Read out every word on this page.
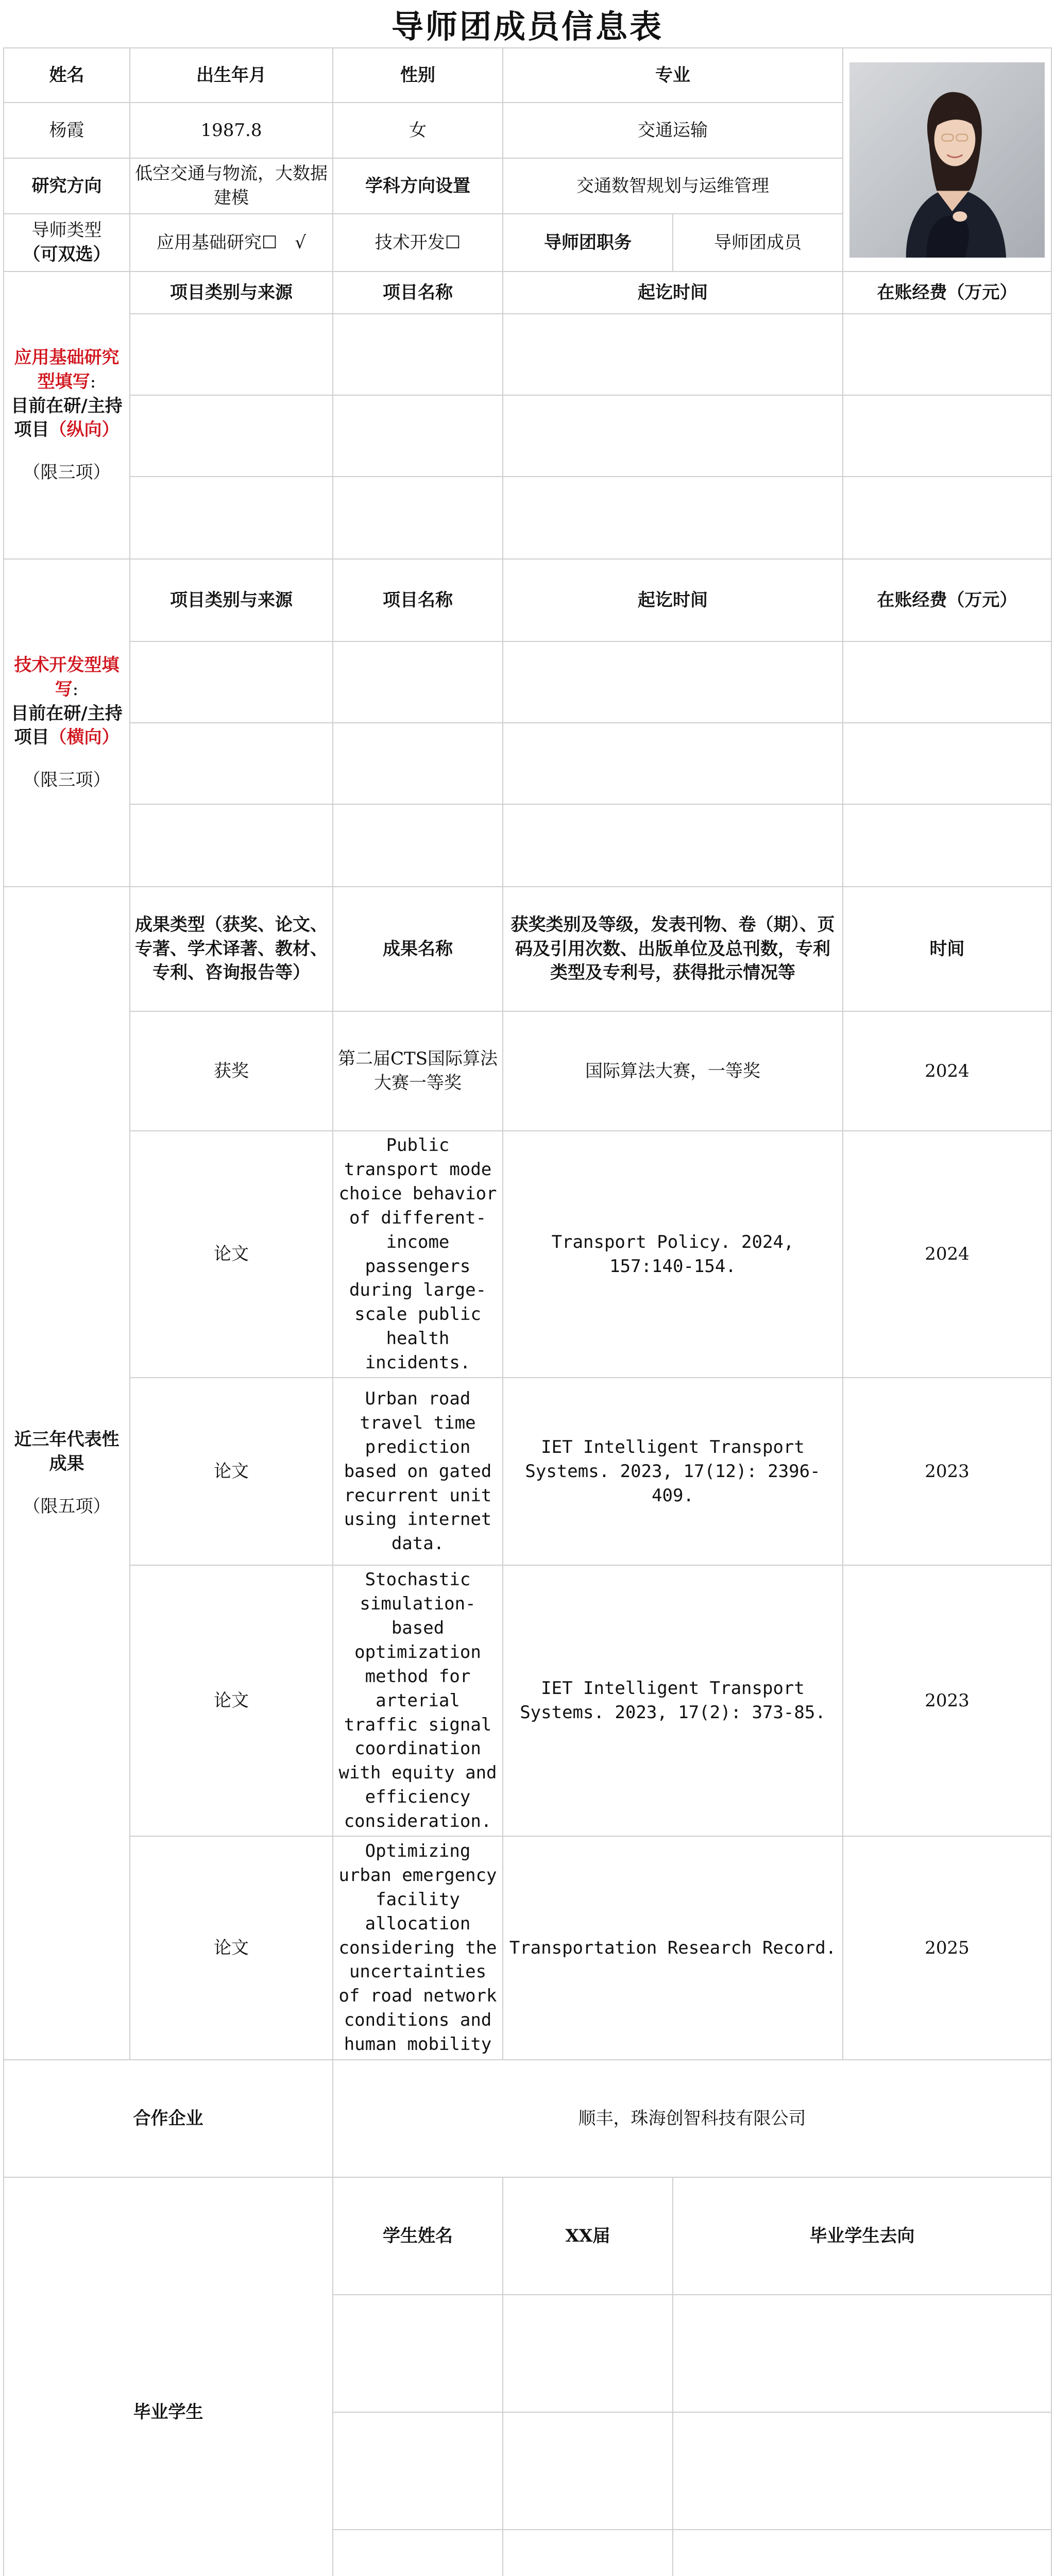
导师团成员信息表
姓名	出生年月	性别	专业	

杨霞	1987.8	女	交通运输		
研究方向	低空交通与物流，大数据建模	学科方向设置	交通数智规划与运维管理		

导师类型
（可双选）	应用基础研究☐　√	技术开发☐	导师团职务	导师团成员	

应用基础研究型填写:
目前在研/主持项目（纵向）
（限三项）	项目类别与来源	项目名称	起讫时间		在账经费（万元）

技术开发型填写:
目前在研/主持项目（横向）
（限三项）	项目类别与来源	项目名称	起讫时间		在账经费（万元）

近三年代表性成果
（限五项）	成果类型（获奖、论文、专著、学术译著、教材、专利、咨询报告等）	成果名称	获奖类别及等级，发表刊物、卷（期）、页码及引用次数、出版单位及总刊数，专利类型及专利号，获得批示情况等		时间
	获奖	第二届CTS国际算法大赛一等奖	国际算法大赛，一等奖		2024
	论文	Public transport mode choice behavior of different-income passengers during large-scale public health incidents.	Transport Policy. 2024, 157:140-154.		2024
	论文	Urban road travel time prediction based on gated recurrent unit using internet data.	IET Intelligent Transport Systems. 2023, 17(12): 2396-409.		2023
	论文	Stochastic simulation-based optimization method for arterial traffic signal coordination with equity and efficiency consideration.	IET Intelligent Transport Systems. 2023, 17(2): 373-85.		2023
	论文	Optimizing urban emergency facility allocation considering the uncertainties of road network conditions and human mobility	Transportation Research Record.		2025
合作企业		顺丰，珠海创智科技有限公司			
毕业学生		学生姓名	XX届	毕业学生去向	
